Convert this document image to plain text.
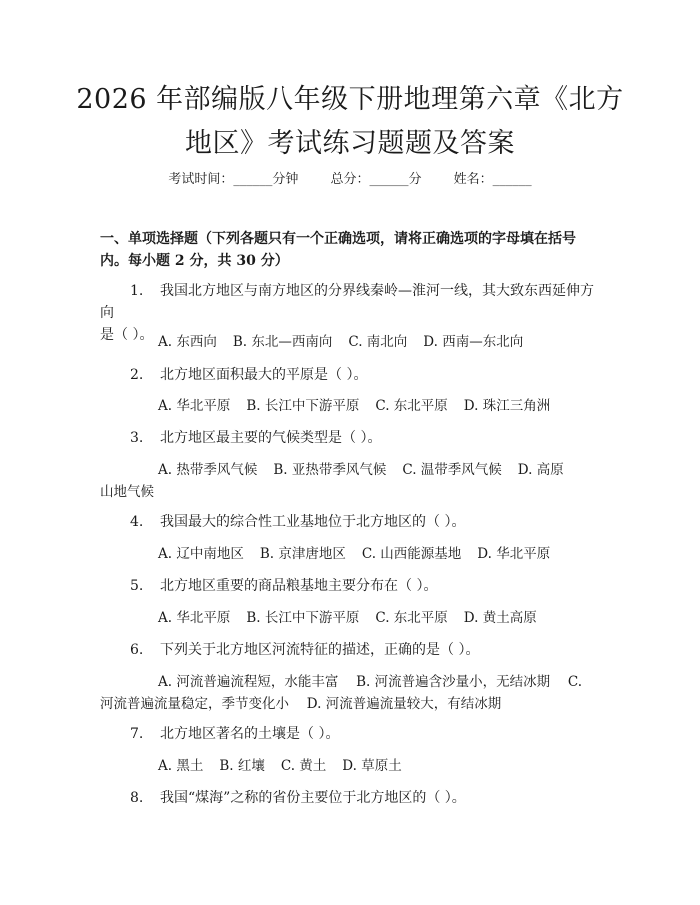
2026 年部编版八年级下册地理第六章《北方
地区》考试练习题题及答案
考试时间：______分钟 总分：______分 姓名：______
一、单项选择题（下列各题只有一个正确选项，请将正确选项的字母填在括号
内。每小题 2 分，共 30 分）
1. 我国北方地区与南方地区的分界线秦岭—淮河一线，其大致东西延伸方向
是（ ）。 A. 东西向 B. 东北—西南向 C. 南北向 D. 西南—东北向
2. 北方地区面积最大的平原是（ ）。
A. 华北平原 B. 长江中下游平原 C. 东北平原 D. 珠江三角洲
3. 北方地区最主要的气候类型是（ ）。
A. 热带季风气候 B. 亚热带季风气候 C. 温带季风气候 D. 高原
山地气候
4. 我国最大的综合性工业基地位于北方地区的（ ）。
A. 辽中南地区 B. 京津唐地区 C. 山西能源基地 D. 华北平原
5. 北方地区重要的商品粮基地主要分布在（ ）。
A. 华北平原 B. 长江中下游平原 C. 东北平原 D. 黄土高原
6. 下列关于北方地区河流特征的描述，正确的是（ ）。
A. 河流普遍流程短，水能丰富　 B. 河流普遍含沙量小，无结冰期　 C.
河流普遍流量稳定，季节变化小　 D. 河流普遍流量较大，有结冰期
7. 北方地区著名的土壤是（ ）。
A. 黑土 B. 红壤 C. 黄土 D. 草原土
8. 我国“煤海”之称的省份主要位于北方地区的（ ）。
